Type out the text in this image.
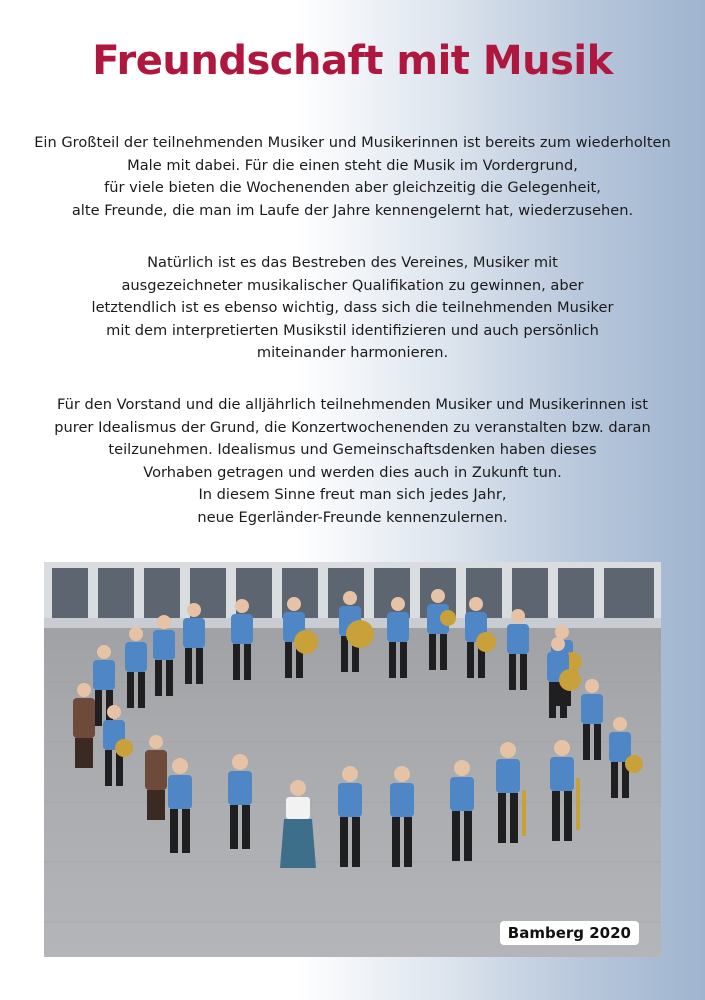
Freundschaft mit Musik
Ein Großteil der teilnehmenden Musiker und Musikerinnen ist bereits zum wiederholten
Male mit dabei. Für die einen steht die Musik im Vordergrund,
für viele bieten die Wochenenden aber gleichzeitig die Gelegenheit,
alte Freunde, die man im Laufe der Jahre kennengelernt hat, wiederzusehen.
Natürlich ist es das Bestreben des Vereines, Musiker mit
ausgezeichneter musikalischer Qualifikation zu gewinnen, aber
letztendlich ist es ebenso wichtig, dass sich die teilnehmenden Musiker
mit dem interpretierten Musikstil identifizieren und auch persönlich
miteinander harmonieren.
Für den Vorstand und die alljährlich teilnehmenden Musiker und Musikerinnen ist
purer Idealismus der Grund, die Konzertwochenenden zu veranstalten bzw. daran
teilzunehmen. Idealismus und Gemeinschaftsdenken haben dieses
Vorhaben getragen und werden dies auch in Zukunft tun.
In diesem Sinne freut man sich jedes Jahr,
neue Egerländer-Freunde kennenzulernen.
Bamberg 2020
